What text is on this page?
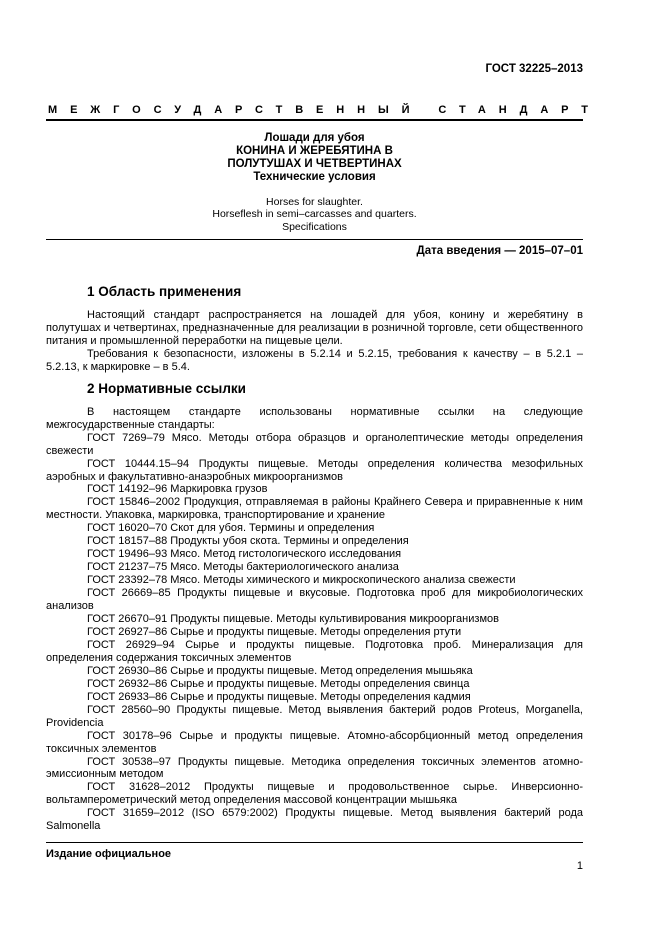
ГОСТ 32225–2013
МЕЖГОСУДАРСТВЕННЫЙ СТАНДАРТ

Лошади для убоя

КОНИНА И ЖЕРЕБЯТИНА В

ПОЛУТУШАХ И ЧЕТВЕРТИНАХ

Технические условия

Horses for slaughter.
Horseflesh in semi–carcasses and quarters.
Specifications

Дата введения — 2015–07–01
1 Область применения

Настоящий стандарт распространяется на лошадей для убоя, конину и жеребятину в полутушах и четвертинах, предназначенные для реализации в розничной торговле, сети общественного питания и промышленной переработки на пищевые цели.

Требования к безопасности, изложены в 5.2.14 и 5.2.15, требования к качеству – в 5.2.1 – 5.2.13, к маркировке – в 5.4.

2 Нормативные ссылки

В настоящем стандарте использованы нормативные ссылки на следующие межгосударственные стандарты:

ГОСТ 7269–79 Мясо. Методы отбора образцов и органолептические методы определения свежести

ГОСТ 10444.15–94 Продукты пищевые. Методы определения количества мезофильных аэробных и факультативно-анаэробных микроорганизмов

ГОСТ 14192–96 Маркировка грузов

ГОСТ 15846–2002 Продукция, отправляемая в районы Крайнего Севера и приравненные к ним местности. Упаковка, маркировка, транспортирование и хранение

ГОСТ 16020–70 Скот для убоя. Термины и определения

ГОСТ 18157–88 Продукты убоя скота. Термины и определения

ГОСТ 19496–93 Мясо. Метод гистологического исследования

ГОСТ 21237–75 Мясо. Методы бактериологического анализа

ГОСТ 23392–78 Мясо. Методы химического и микроскопического анализа свежести

ГОСТ 26669–85 Продукты пищевые и вкусовые. Подготовка проб для микробиологических анализов

ГОСТ 26670–91 Продукты пищевые. Методы культивирования микроорганизмов

ГОСТ 26927–86 Сырье и продукты пищевые. Методы определения ртути

ГОСТ 26929–94 Сырье и продукты пищевые. Подготовка проб. Минерализация для определения содержания токсичных элементов

ГОСТ 26930–86 Сырье и продукты пищевые. Метод определения мышьяка

ГОСТ 26932–86 Сырье и продукты пищевые. Методы определения свинца

ГОСТ 26933–86 Сырье и продукты пищевые. Методы определения кадмия

ГОСТ 28560–90 Продукты пищевые. Метод выявления бактерий родов Proteus, Morganella, Providencia

ГОСТ 30178–96 Сырье и продукты пищевые. Атомно-абсорбционный метод определения токсичных элементов

ГОСТ 30538–97 Продукты пищевые. Методика определения токсичных элементов атомно-эмиссионным методом

ГОСТ 31628–2012 Продукты пищевые и продовольственное сырье. Инверсионно-вольтамперометрический метод определения массовой концентрации мышьяка

ГОСТ 31659–2012 (ISO 6579:2002) Продукты пищевые. Метод выявления бактерий рода Salmonella

Издание официальное
1
